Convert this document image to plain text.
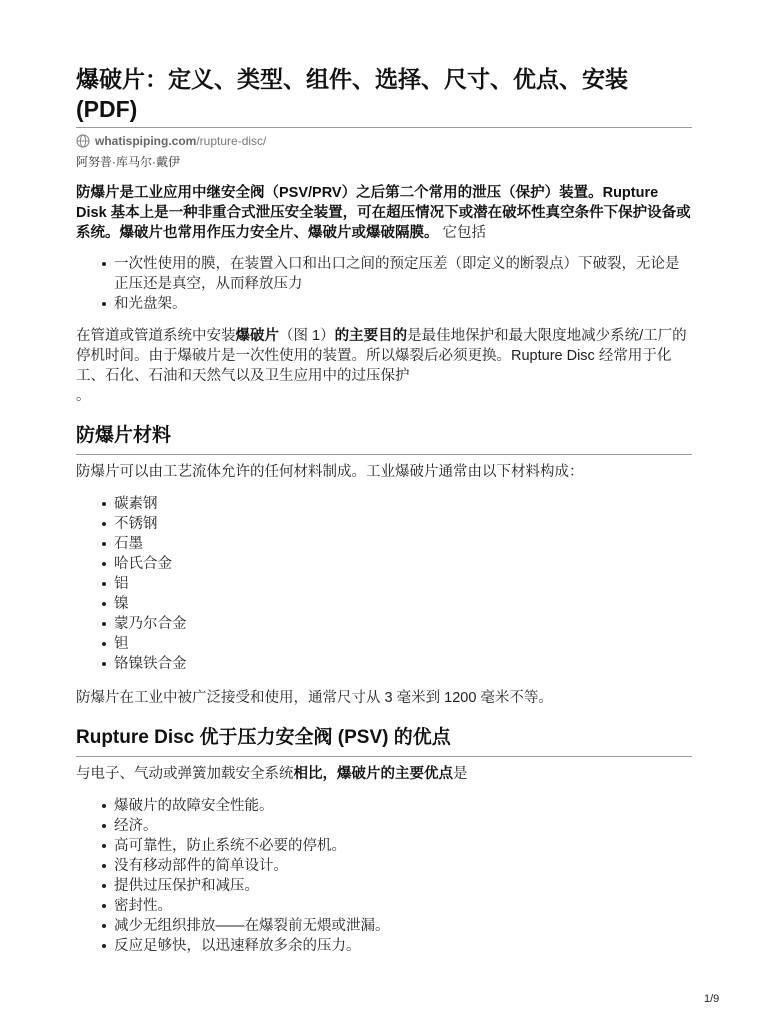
爆破片：定义、类型、组件、选择、尺寸、优点、安装 (PDF)
whatispiping.com /rupture-disc/
阿努普·库马尔·戴伊

防爆片是工业应用中继安全阀（PSV/PRV）之后第二个常用的泄压（保护）装置。Rupture Disk 基本上是一种非重合式泄压安全装置，可在超压情况下或潜在破坏性真空条件下保护设备或系统。爆破片也常用作压力安全片、爆破片或爆破隔膜。 它包括

一次性使用的膜，在装置入口和出口之间的预定压差（即定义的断裂点）下破裂，无论是正压还是真空，从而释放压力
和光盘架。

在管道或管道系统中安装爆破片（图 1）的主要目的是最佳地保护和最大限度地减少系统/工厂的停机时间。由于爆破片是一次性使用的装置。所以爆裂后必须更换。Rupture Disc 经常用于化工、石化、石油和天然气以及卫生应用中的过压保护
。

防爆片材料

防爆片可以由工艺流体允许的任何材料制成。工业爆破片通常由以下材料构成：

碳素钢
不锈钢
石墨
哈氏合金
铝
镍
蒙乃尔合金
钽
铬镍铁合金

防爆片在工业中被广泛接受和使用，通常尺寸从 3 毫米到 1200 毫米不等。

Rupture Disc 优于压力安全阀 (PSV) 的优点

与电子、气动或弹簧加载安全系统相比，爆破片的主要优点是

爆破片的故障安全性能。
经济。
高可靠性，防止系统不必要的停机。
没有移动部件的简单设计。
提供过压保护和减压。
密封性。
减少无组织排放——在爆裂前无煨或泄漏。
反应足够快，以迅速释放多余的压力。
1/9
